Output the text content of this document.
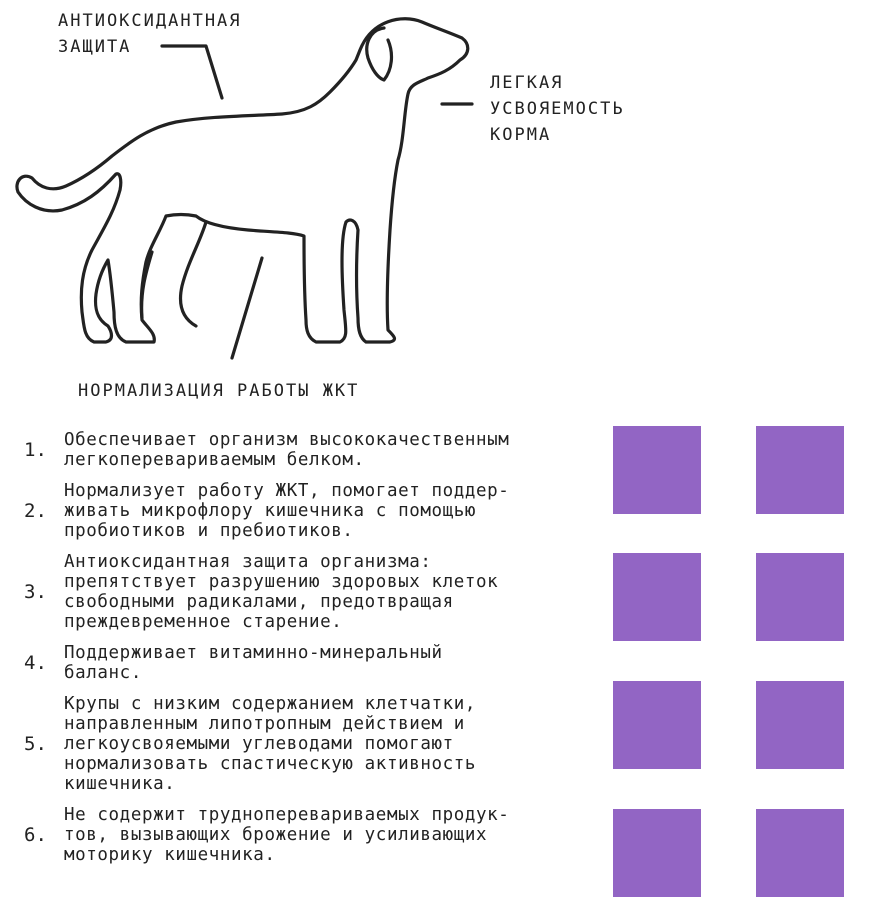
АНТИОКСИДАНТНАЯ
ЗАЩИТА
ЛЕГКАЯ
УСВОЯЕМОСТЬ
КОРМА
НОРМАЛИЗАЦИЯ РАБОТЫ ЖКТ
1. Обеспечивает организм высококачественным
легкоперевариваемым белком.
2.
Нормализует работу ЖКТ, помогает поддер-
живать микрофлору кишечника с помощью
пробиотиков и пребиотиков.
3.
Антиоксидантная защита организма:
препятствует разрушению здоровых клеток
свободными радикалами, предотвращая
преждевременное старение.
4. Поддерживает витаминно-минеральный
баланс.
5.
Крупы с низким содержанием клетчатки,
направленным липотропным действием и
легкоусвояемыми углеводами помогают
нормализовать спастическую активность
кишечника.
6.
Не содержит трудноперевариваемых продук-
тов, вызывающих брожение и усиливающих
моторику кишечника.
